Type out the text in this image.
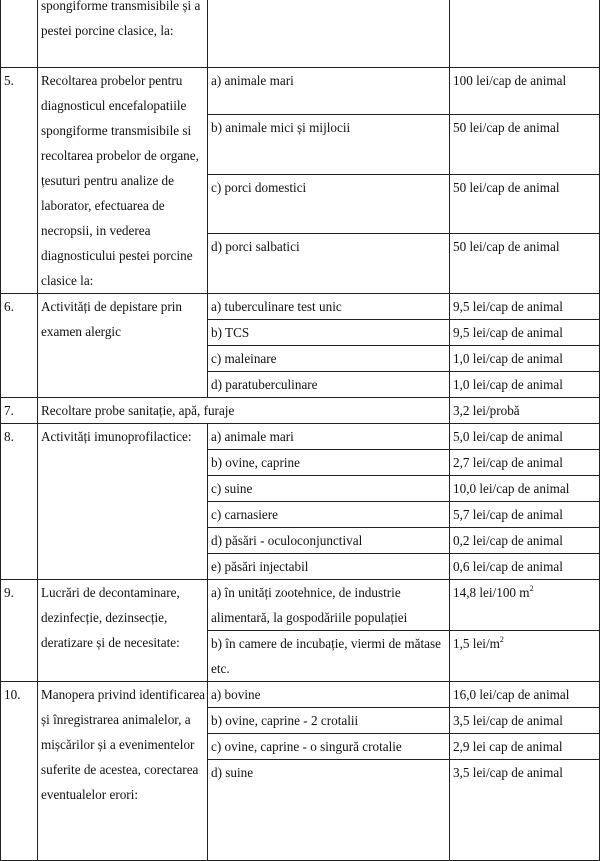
	spongiforme transmisibile și a pestei porcine clasice, la:		
5.	Recoltarea probelor pentru diagnosticul encefalopatiile spongiforme transmisibile si recoltarea probelor de organe, țesuturi pentru analize de laborator, efectuarea de necropsii, in vederea diagnosticului pestei porcine clasice la:	a) animale mari	100 lei/cap de animal
		b) animale mici și mijlocii	50 lei/cap de animal
		c) porci domestici	50 lei/cap de animal
		d) porci salbatici	50 lei/cap de animal
6.	Activități de depistare prin examen alergic	a) tuberculinare test unic	9,5 lei/cap de animal
		b) TCS	9,5 lei/cap de animal
		c) maleinare	1,0 lei/cap de animal
		d) paratuberculinare	1,0 lei/cap de animal
7.	Recoltare probe sanitație, apă, furaje		3,2 lei/probă
8.	Activități imunoprofilactice:	a) animale mari	5,0 lei/cap de animal
		b) ovine, caprine	2,7 lei/cap de animal
		c) suine	10,0 lei/cap de animal
		c) carnasiere	5,7 lei/cap de animal
		d) păsări - oculoconjunctival	0,2 lei/cap de animal
		e) păsări injectabil	0,6 lei/cap de animal
9.	Lucrări de decontaminare, dezinfecție, dezinsecție, deratizare și de necesitate:	a) în unități zootehnice, de industrie alimentară, la gospodăriile populației	14,8 lei/100 $m^2$
		b) în camere de incubație, viermi de mătase etc.	1,5 lei/$m^2$
10.	Manopera privind identificarea și înregistrarea animalelor, a mișcărilor și a evenimentelor suferite de acestea, corectarea eventualelor erori:	a) bovine	16,0 lei/cap de animal
		b) ovine, caprine - 2 crotalii	3,5 lei/cap de animal
		c) ovine, caprine - o singură crotalie	2,9 lei cap de animal
		d) suine	3,5 lei/cap de animal
